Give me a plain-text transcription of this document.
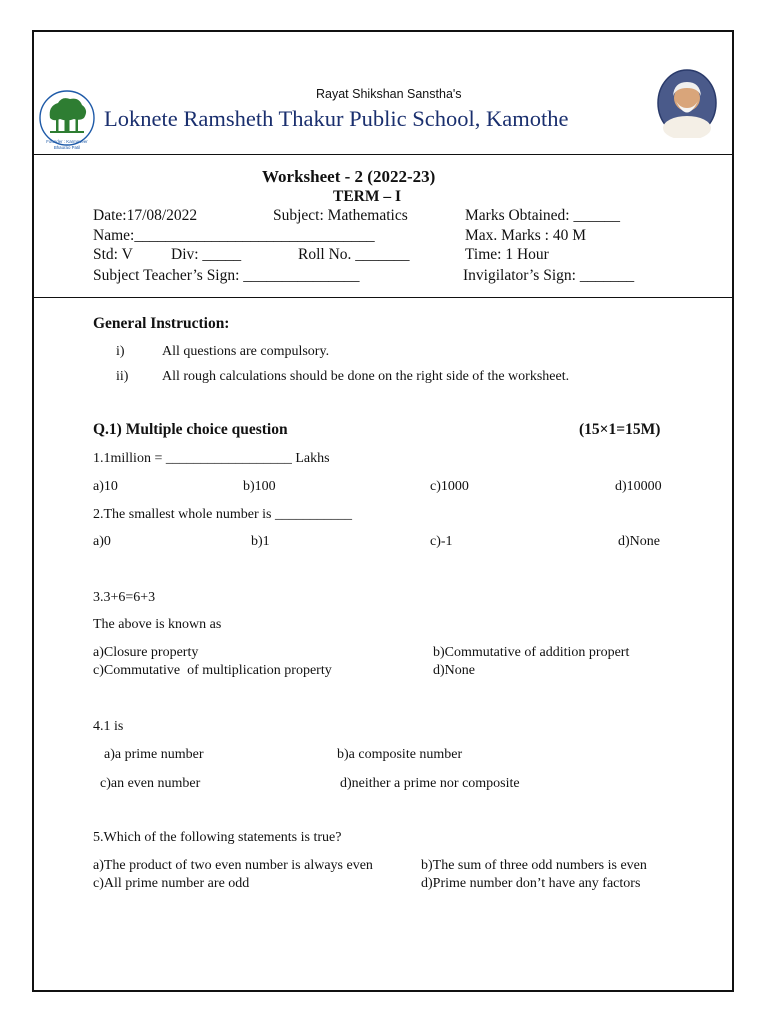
Founder : Karmaveer
Bhaurao Patil
Rayat Shikshan Sanstha's
Loknete Ramsheth Thakur Public School, Kamothe
Worksheet - 2 (2022-23)
TERM – I
Date:17/08/2022	Subject: Mathematics	Marks Obtained: ______
Name:_______________________________	Max. Marks : 40 M
Std: V Div: _____	Roll No. _______	Time: 1 Hour
Subject Teacher’s Sign: _______________	Invigilator’s Sign: _______
General Instruction:
i)	All questions are compulsory.
ii) All rough calculations should be done on the right side of the worksheet.
Q.1) Multiple choice question	(15×1=15M)
1.1million = __________________ Lakhs
a)10	b)100	c)1000	d)10000
2.The smallest whole number is ___________
a)0	b)1	c)-1	d)None
3.3+6=6+3
The above is known as
a)Closure property	b)Commutative of addition propert
c)Commutative  of multiplication property	d)None
4.1 is
a)a prime number	b)a composite number
c)an even number	d)neither a prime nor composite
5.Which of the following statements is true?
a)The product of two even number is always even	b)The sum of three odd numbers is even
c)All prime number are odd	d)Prime number don’t have any factors
